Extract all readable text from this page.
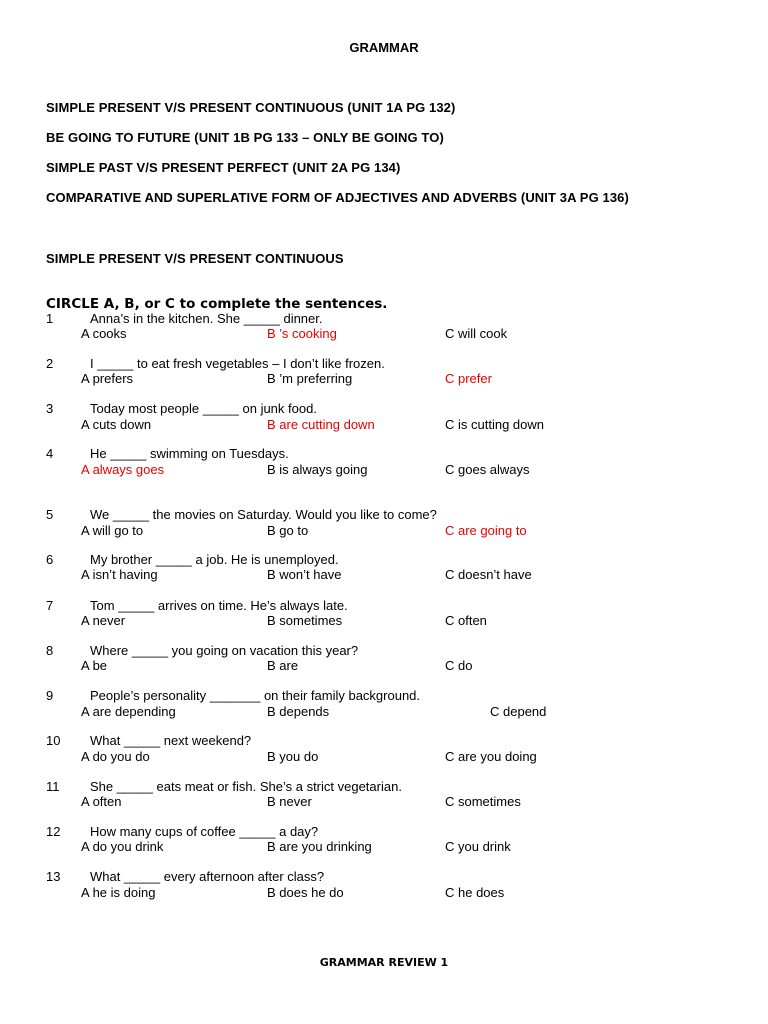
GRAMMAR
SIMPLE PRESENT V/S PRESENT CONTINUOUS (UNIT 1A PG 132)
BE GOING TO FUTURE (UNIT 1B PG 133 – ONLY BE GOING TO)
SIMPLE PAST V/S PRESENT PERFECT (UNIT 2A PG 134)
COMPARATIVE AND SUPERLATIVE FORM OF ADJECTIVES AND ADVERBS (UNIT 3A PG 136)
SIMPLE PRESENT V/S PRESENT CONTINUOUS
CIRCLE A, B, or C to complete the sentences.
1	Anna’s in the kitchen. She _____ dinner.
A cooks	B ’s cooking	C will cook
2	I _____ to eat fresh vegetables – I don’t like frozen.
A prefers	B ’m preferring	C prefer
3	Today most people _____ on junk food.
A cuts down	B are cutting down	C is cutting down
4	He _____ swimming on Tuesdays.
A always goes	B is always going	C goes always
5	We _____ the movies on Saturday. Would you like to come?
A will go to	B go to	C are going to
6	My brother _____ a job. He is unemployed.
A isn’t having	B won’t have	C doesn’t have
7	Tom _____ arrives on time. He’s always late.
A never	B sometimes	C often
8	Where _____ you going on vacation this year?
A be	B are	C do
9	People’s personality _______ on their family background.
A are depending	B depends	C depend
10 What _____ next weekend?
A do you do	B you do	C are you doing
11 She _____ eats meat or fish. She’s a strict vegetarian.
A often	B never	C sometimes
12 How many cups of coffee _____ a day?
A do you drink	B are you drinking	C you drink
13 What _____ every afternoon after class?
A he is doing	B does he do	C he does
GRAMMAR REVIEW 1
